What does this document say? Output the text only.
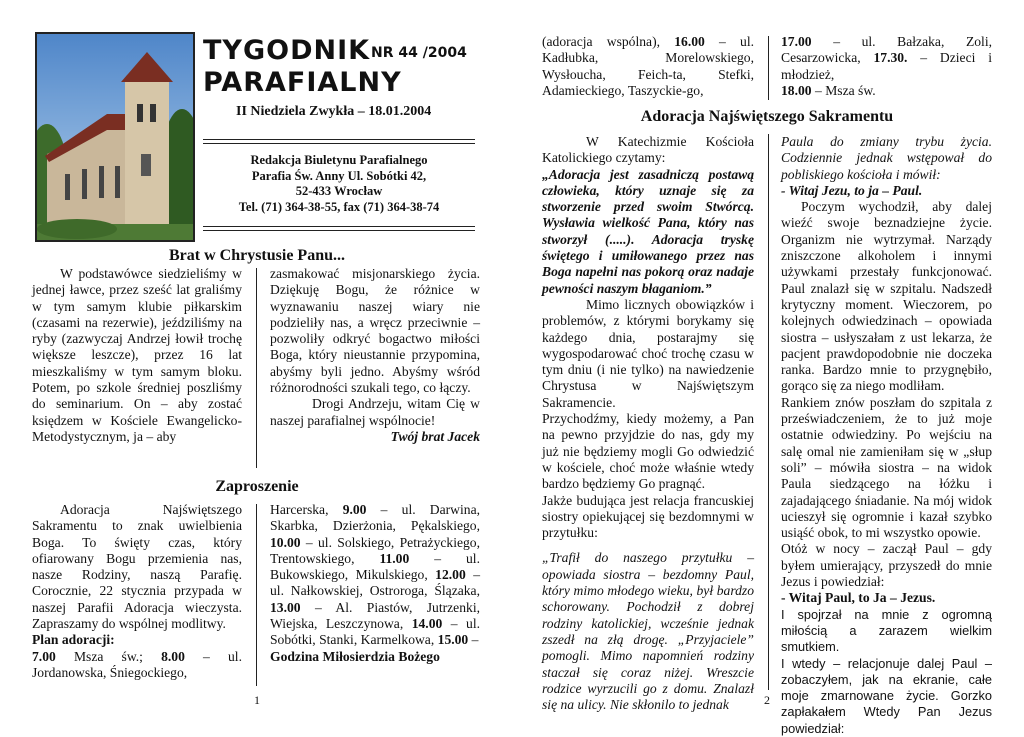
TYGODNIK NR 44 /2004
PARAFIALNY
II Niedziela Zwykła – 18.01.2004
Redakcja Biuletynu Parafialnego
Parafia Św. Anny Ul. Sobótki 42,
52-433 Wrocław
Tel. (71) 364-38-55, fax (71) 364-38-74
Brat w Chrystusie Panu...

W podstawówce siedzieliśmy w jednej ławce, przez sześć lat graliśmy w tym samym klubie piłkarskim (czasami na rezerwie), jeździliśmy na ryby (zazwyczaj Andrzej łowił trochę większe leszcze), przez 16 lat mieszkaliśmy w tym samym bloku. Potem, po szkole średniej poszliśmy do seminarium. On – aby zostać księdzem w Kościele Ewangelicko-Metodystycznym, ja – aby

zasmakować misjonarskiego życia. Dziękuję Bogu, że różnice w wyznawaniu naszej wiary nie podzieliły nas, a wręcz przeciwnie – pozwoliły odkryć bogactwo miłości Boga, który nieustannie przypomina, abyśmy byli jedno. Abyśmy wśród różnorodności szukali tego, co łączy.

Drogi Andrzeju, witam Cię w naszej parafialnej wspólnocie!

Twój brat Jacek

Zaproszenie

Adoracja Najświętszego Sakramentu to znak uwielbienia Boga. To święty czas, który ofiarowany Bogu przemienia nas, nasze Rodziny, naszą Parafię. Corocznie, 22 stycznia przypada w naszej Parafii Adoracja wieczysta. Zapraszamy do wspólnej modlitwy.

Plan adoracji:

7.00 Msza św.; 8.00 – ul. Jordanowska, Śniegockiego,

Harcerska, 9.00 – ul. Darwina, Skarbka, Dzierżonia, Pękalskiego, 10.00 – ul. Solskiego, Petrażyckiego, Trentowskiego, 11.00 – ul. Bukowskiego, Mikulskiego, 12.00 – ul. Nałkowskiej, Ostroroga, Ślązaka, 13.00 – Al. Piastów, Jutrzenki, Wiejska, Leszczynowa, 14.00 – ul. Sobótki, Stanki, Karmelkowa, 15.00 –

Godzina Miłosierdzia Bożego

1

(adoracja wspólna), 16.00 – ul. Kadłubka, Morelowskiego, Wysłoucha, Feich-ta, Stefki, Adamieckiego, Taszyckie-go,

17.00 – ul. Bałzaka, Zoli, Cesarzowicka, 17.30. – Dzieci i młodzież,

18.00 – Msza św.

Adoracja Najświętszego Sakramentu

W Katechizmie Kościoła Katolickiego czytamy:

„Adoracja jest zasadniczą postawą człowieka, który uznaje się za stworzenie przed swoim Stwórcą. Wysławia wielkość Pana, który nas stworzył (.....). Adoracja tryskę świętego i umiłowanego przez nas Boga napełni nas pokorą oraz nadaje pewności naszym błaganiom.”

Mimo licznych obowiązków i problemów, z którymi borykamy się każdego dnia, postarajmy się wygospodarować choć trochę czasu w tym dniu (i nie tylko) na nawiedzenie Chrystusa w Najświętszym Sakramencie.

Przychodźmy, kiedy możemy, a Pan na pewno przyjdzie do nas, gdy my już nie będziemy mogli Go odwiedzić w kościele, choć może właśnie wtedy bardzo będziemy Go pragnąć.

Jakże budująca jest relacja francuskiej siostry opiekującej się bezdomnymi w przytułku:

„Trafił do naszego przytułku – opowiada siostra – bezdomny Paul, który mimo młodego wieku, był bardzo schorowany. Pochodził z dobrej rodziny katolickiej, wcześnie jednak zszedł na złą drogę. „Przyjaciele” pomogli. Mimo napomnień rodziny staczał się coraz niżej. Wreszcie rodzice wyrzucili go z domu. Znalazł się na ulicy. Nie skłonilo to jednak

Paula do zmiany trybu życia. Codziennie jednak wstępował do pobliskiego kościoła i mówił:

- Witaj Jezu, to ja – Paul.

Poczym wychodził, aby dalej wieźć swoje beznadziejne życie. Organizm nie wytrzymał. Narządy zniszczone alkoholem i innymi używkami przestały funkcjonować. Paul znalazł się w szpitalu. Nadszedł krytyczny moment. Wieczorem, po kolejnych odwiedzinach – opowiada siostra – usłyszałam z ust lekarza, że pacjent prawdopodobnie nie doczeka ranka. Bardzo mnie to przygnębiło, gorąco się za niego modliłam.

Rankiem znów poszłam do szpitala z przeświadczeniem, że to już moje ostatnie odwiedziny. Po wejściu na salę omal nie zamieniłam się w „słup soli” – mówiła siostra – na widok Paula siedzącego na łóżku i zajadającego śniadanie. Na mój widok ucieszył się ogromnie i kazał szybko usiąść obok, to mi wszystko opowie.

Otóż w nocy – zaczął Paul – gdy byłem umierający, przyszedł do mnie Jezus i powiedział:

- Witaj Paul, to Ja – Jezus.

I spojrzał na mnie z ogromną miłością a zarazem wielkim smutkiem.

I wtedy – relacjonuje dalej Paul – zobaczyłem, jak na ekranie, całe moje zmarnowane życie. Gorzko zapłakałem Wtedy Pan Jezus powiedział:

2
